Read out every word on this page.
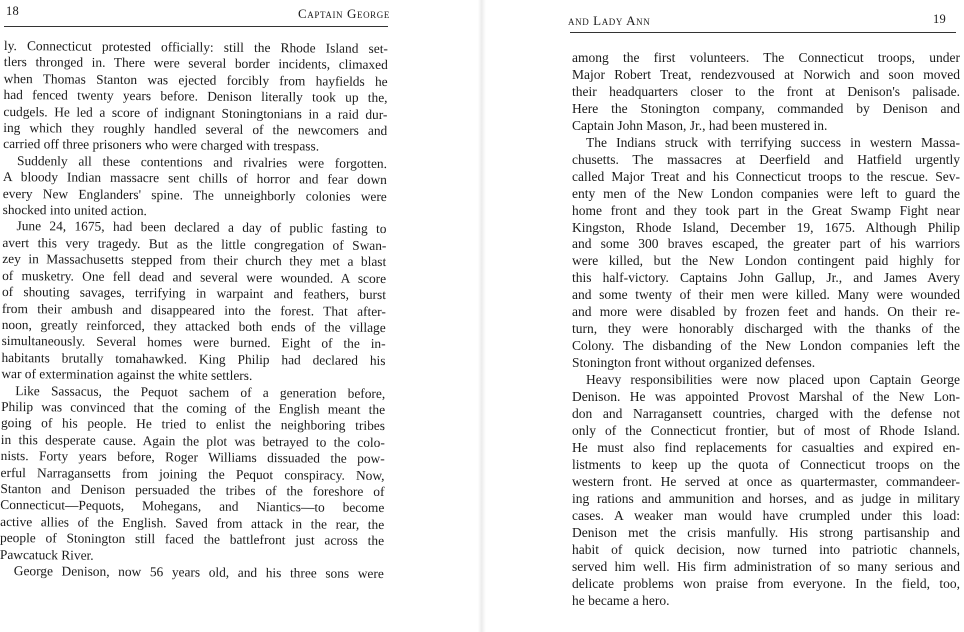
18	Captain George
ly. Connecticut protested officially: still the Rhode Island set-
tlers thronged in. There were several border incidents, climaxed
when Thomas Stanton was ejected forcibly from hayfields he
had fenced twenty years before. Denison literally took up the,
cudgels. He led a score of indignant Stoningtonians in a raid dur-
ing which they roughly handled several of the newcomers and
carried off three prisoners who were charged with trespass.
Suddenly all these contentions and rivalries were forgotten.
A bloody Indian massacre sent chills of horror and fear down
every New Englanders' spine. The unneighborly colonies were
shocked into united action.
June 24, 1675, had been declared a day of public fasting to
avert this very tragedy. But as the little congregation of Swan-
zey in Massachusetts stepped from their church they met a blast
of musketry. One fell dead and several were wounded. A score
of shouting savages, terrifying in warpaint and feathers, burst
from their ambush and disappeared into the forest. That after-
noon, greatly reinforced, they attacked both ends of the village
simultaneously. Several homes were burned. Eight of the in-
habitants brutally tomahawked. King Philip had declared his
war of extermination against the white settlers.
Like Sassacus, the Pequot sachem of a generation before,
Philip was convinced that the coming of the English meant the
going of his people. He tried to enlist the neighboring tribes
in this desperate cause. Again the plot was betrayed to the colo-
nists. Forty years before, Roger Williams dissuaded the pow-
erful Narragansetts from joining the Pequot conspiracy. Now,
Stanton and Denison persuaded the tribes of the foreshore of
Connecticut—Pequots, Mohegans, and Niantics—to become
active allies of the English. Saved from attack in the rear, the
people of Stonington still faced the battlefront just across the
Pawcatuck River.
George Denison, now 56 years old, and his three sons were
and Lady Ann	19
among the first volunteers. The Connecticut troops, under
Major Robert Treat, rendezvoused at Norwich and soon moved
their headquarters closer to the front at Denison's palisade.
Here the Stonington company, commanded by Denison and
Captain John Mason, Jr., had been mustered in.
The Indians struck with terrifying success in western Massa-
chusetts. The massacres at Deerfield and Hatfield urgently
called Major Treat and his Connecticut troops to the rescue. Sev-
enty men of the New London companies were left to guard the
home front and they took part in the Great Swamp Fight near
Kingston, Rhode Island, December 19, 1675. Although Philip
and some 300 braves escaped, the greater part of his warriors
were killed, but the New London contingent paid highly for
this half-victory. Captains John Gallup, Jr., and James Avery
and some twenty of their men were killed. Many were wounded
and more were disabled by frozen feet and hands. On their re-
turn, they were honorably discharged with the thanks of the
Colony. The disbanding of the New London companies left the
Stonington front without organized defenses.
Heavy responsibilities were now placed upon Captain George
Denison. He was appointed Provost Marshal of the New Lon-
don and Narragansett countries, charged with the defense not
only of the Connecticut frontier, but of most of Rhode Island.
He must also find replacements for casualties and expired en-
listments to keep up the quota of Connecticut troops on the
western front. He served at once as quartermaster, commandeer-
ing rations and ammunition and horses, and as judge in military
cases. A weaker man would have crumpled under this load:
Denison met the crisis manfully. His strong partisanship and
habit of quick decision, now turned into patriotic channels,
served him well. His firm administration of so many serious and
delicate problems won praise from everyone. In the field, too,
he became a hero.
